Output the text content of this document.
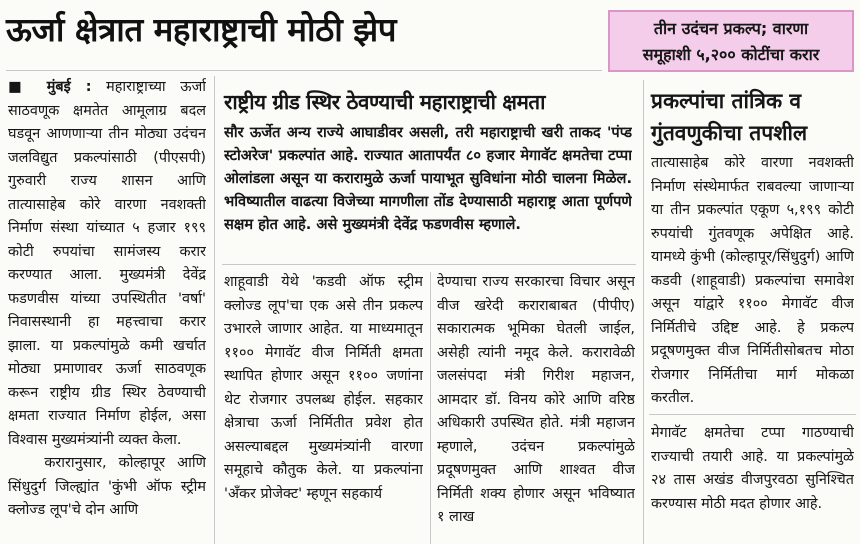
ऊर्जा क्षेत्रात महाराष्ट्राची मोठी झेप	तीन उदंचन प्रकल्प; वारणा
समूहाशी ५,२०० कोटींचा करार
■ मुंबई : महाराष्ट्राच्या ऊर्जा साठवणूक क्षमतेत आमूलाग्र बदल घडवून आणणाऱ्या तीन मोठ्या उदंचन जलविद्युत प्रकल्पांसाठी (पीएसपी) गुरुवारी राज्य शासन आणि तात्यासाहेब कोरे वारणा नवशक्ती निर्माण संस्था यांच्यात ५ हजार १९९ कोटी रुपयांचा सामंजस्य करार करण्यात आला. मुख्यमंत्री देवेंद्र फडणवीस यांच्या उपस्थितीत 'वर्षा' निवासस्थानी हा महत्त्वाचा करार झाला. या प्रकल्पांमुळे कमी खर्चात मोठ्या प्रमाणावर ऊर्जा साठवणूक करून राष्ट्रीय ग्रीड स्थिर ठेवण्याची क्षमता राज्यात निर्माण होईल, असा विश्वास मुख्यमंत्र्यांनी व्यक्त केला.
करारानुसार, कोल्हापूर आणि सिंधुदुर्ग जिल्ह्यांत 'कुंभी ऑफ स्ट्रीम क्लोज्ड लूप'चे दोन आणि
राष्ट्रीय ग्रीड स्थिर ठेवण्याची महाराष्ट्राची क्षमता
सौर ऊर्जेत अन्य राज्ये आघाडीवर असली, तरी महाराष्ट्राची खरी ताकद 'पंप्ड स्टोअरेज' प्रकल्पांत आहे. राज्यात आतापर्यंत ८० हजार मेगावॅट क्षमतेचा टप्पा ओलांडला असून या करारामुळे ऊर्जा पायाभूत सुविधांना मोठी चालना मिळेल. भविष्यातील वाढत्या विजेच्या मागणीला तोंड देण्यासाठी महाराष्ट्र आता पूर्णपणे सक्षम होत आहे. असे मुख्यमंत्री देवेंद्र फडणवीस म्हणाले.
शाहूवाडी येथे 'कडवी ऑफ स्ट्रीम क्लोज्ड लूप'चा एक असे तीन प्रकल्प उभारले जाणार आहेत. या माध्यमातून ११०० मेगावॅट वीज निर्मिती क्षमता स्थापित होणार असून ११०० जणांना थेट रोजगार उपलब्ध होईल. सहकार क्षेत्राचा ऊर्जा निर्मितीत प्रवेश होत असल्याबद्दल मुख्यमंत्र्यांनी वारणा समूहाचे कौतुक केले. या प्रकल्पांना 'अँकर प्रोजेक्ट' म्हणून सहकार्य
देण्याचा राज्य सरकारचा विचार असून वीज खरेदी कराराबाबत (पीपीए) सकारात्मक भूमिका घेतली जाईल, असेही त्यांनी नमूद केले. करारावेळी जलसंपदा मंत्री गिरीश महाजन, आमदार डॉ. विनय कोरे आणि वरिष्ठ अधिकारी उपस्थित होते. मंत्री महाजन म्हणाले, उदंचन प्रकल्पांमुळे प्रदूषणमुक्त आणि शाश्वत वीज निर्मिती शक्य होणार असून भविष्यात १ लाख
प्रकल्पांचा तांत्रिक व गुंतवणुकीचा तपशील
तात्यासाहेब कोरे वारणा नवशक्ती निर्माण संस्थेमार्फत राबवल्या जाणाऱ्या या तीन प्रकल्पांत एकूण ५,१९९ कोटी रुपयांची गुंतवणूक अपेक्षित आहे. यामध्ये कुंभी (कोल्हापूर/सिंधुदुर्ग) आणि कडवी (शाहूवाडी) प्रकल्पांचा समावेश असून यांद्वारे ११०० मेगावॅट वीज निर्मितीचे उद्दिष्ट आहे. हे प्रकल्प प्रदूषणमुक्त वीज निर्मितीसोबतच मोठा रोजगार निर्मितीचा मार्ग मोकळा करतील.
मेगावॅट क्षमतेचा टप्पा गाठण्याची राज्याची तयारी आहे. या प्रकल्पांमुळे २४ तास अखंड वीजपुरवठा सुनिश्चित करण्यास मोठी मदत होणार आहे.
